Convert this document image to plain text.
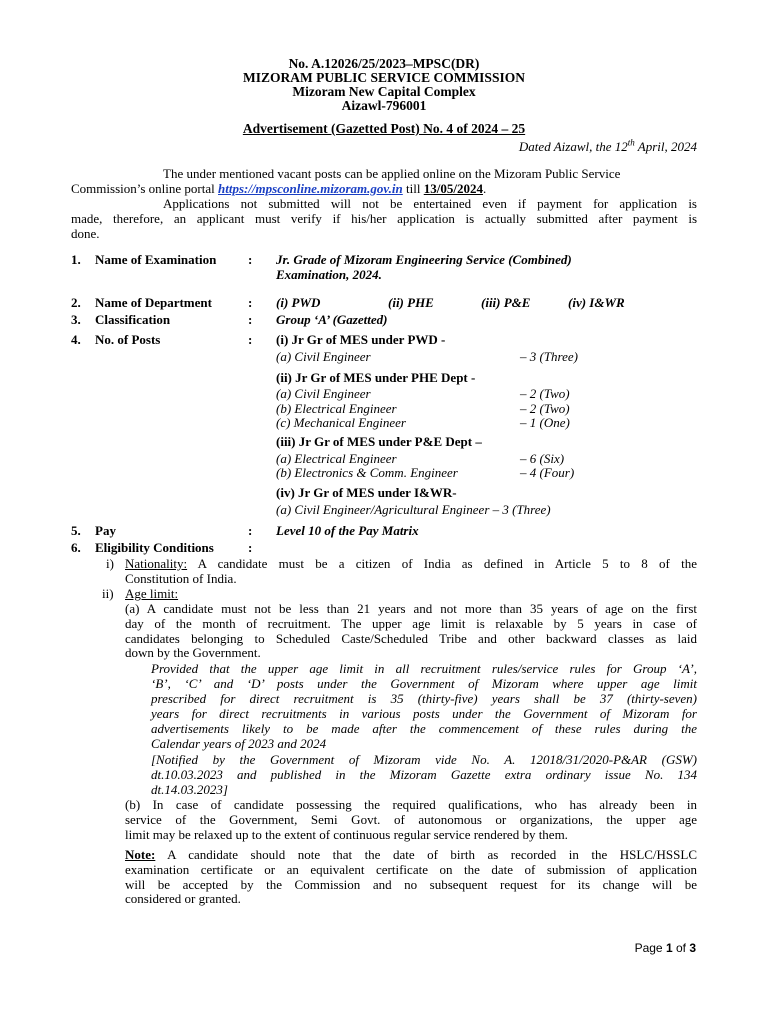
No. A.12026/25/2023–MPSC(DR)
MIZORAM PUBLIC SERVICE COMMISSION
Mizoram New Capital Complex
Aizawl-796001
Advertisement (Gazetted Post) No. 4 of 2024 – 25
Dated Aizawl, the 12th April, 2024
The under mentioned vacant posts can be applied online on the Mizoram Public Service
Commission’s online portal https://mpsconline.mizoram.gov.in till 13/05/2024.
Applications not submitted will not be entertained even if payment for application is
made, therefore, an applicant must verify if his/her application is actually submitted after payment is
done.
1. Name of Examination : Jr. Grade of Mizoram Engineering Service (Combined)
Examination, 2024.
2. Name of Department	: (i) PWD	(ii) PHE	(iii) P&E	(iv) I&WR
3. Classification	: Group ‘A’ (Gazetted)
4. No. of Posts	: (i) Jr Gr of MES under PWD -
(a) Civil Engineer	– 3 (Three)
(ii) Jr Gr of MES under PHE Dept -
(a) Civil Engineer	– 2 (Two)
(b) Electrical Engineer	– 2 (Two)
(c) Mechanical Engineer	– 1 (One)
(iii) Jr Gr of MES under P&E Dept –
(a) Electrical Engineer	– 6 (Six)
(b) Electronics & Comm. Engineer	– 4 (Four)
(iv) Jr Gr of MES under I&WR-
(a) Civil Engineer/Agricultural Engineer – 3 (Three)
5. Pay	: Level 10 of the Pay Matrix
6. Eligibility Conditions	:
i) Nationality: A candidate must be a citizen of India as defined in Article 5 to 8 of the
Constitution of India.
ii) Age limit:
(a) A candidate must not be less than 21 years and not more than 35 years of age on the first
day of the month of recruitment. The upper age limit is relaxable by 5 years in case of
candidates belonging to Scheduled Caste/Scheduled Tribe and other backward classes as laid
down by the Government.
Provided that the upper age limit in all recruitment rules/service rules for Group ‘A’,
‘B’, ‘C’ and ‘D’ posts under the Government of Mizoram where upper age limit
prescribed for direct recruitment is 35 (thirty-five) years shall be 37 (thirty-seven)
years for direct recruitments in various posts under the Government of Mizoram for
advertisements likely to be made after the commencement of these rules during the
Calendar years of 2023 and 2024
[Notified by the Government of Mizoram vide No. A. 12018/31/2020-P&AR (GSW)
dt.10.03.2023 and published in the Mizoram Gazette extra ordinary issue No. 134
dt.14.03.2023]
(b) In case of candidate possessing the required qualifications, who has already been in
service of the Government, Semi Govt. of autonomous or organizations, the upper age
limit may be relaxed up to the extent of continuous regular service rendered by them.
Note: A candidate should note that the date of birth as recorded in the HSLC/HSSLC
examination certificate or an equivalent certificate on the date of submission of application
will be accepted by the Commission and no subsequent request for its change will be
considered or granted.
Page 1 of 3
